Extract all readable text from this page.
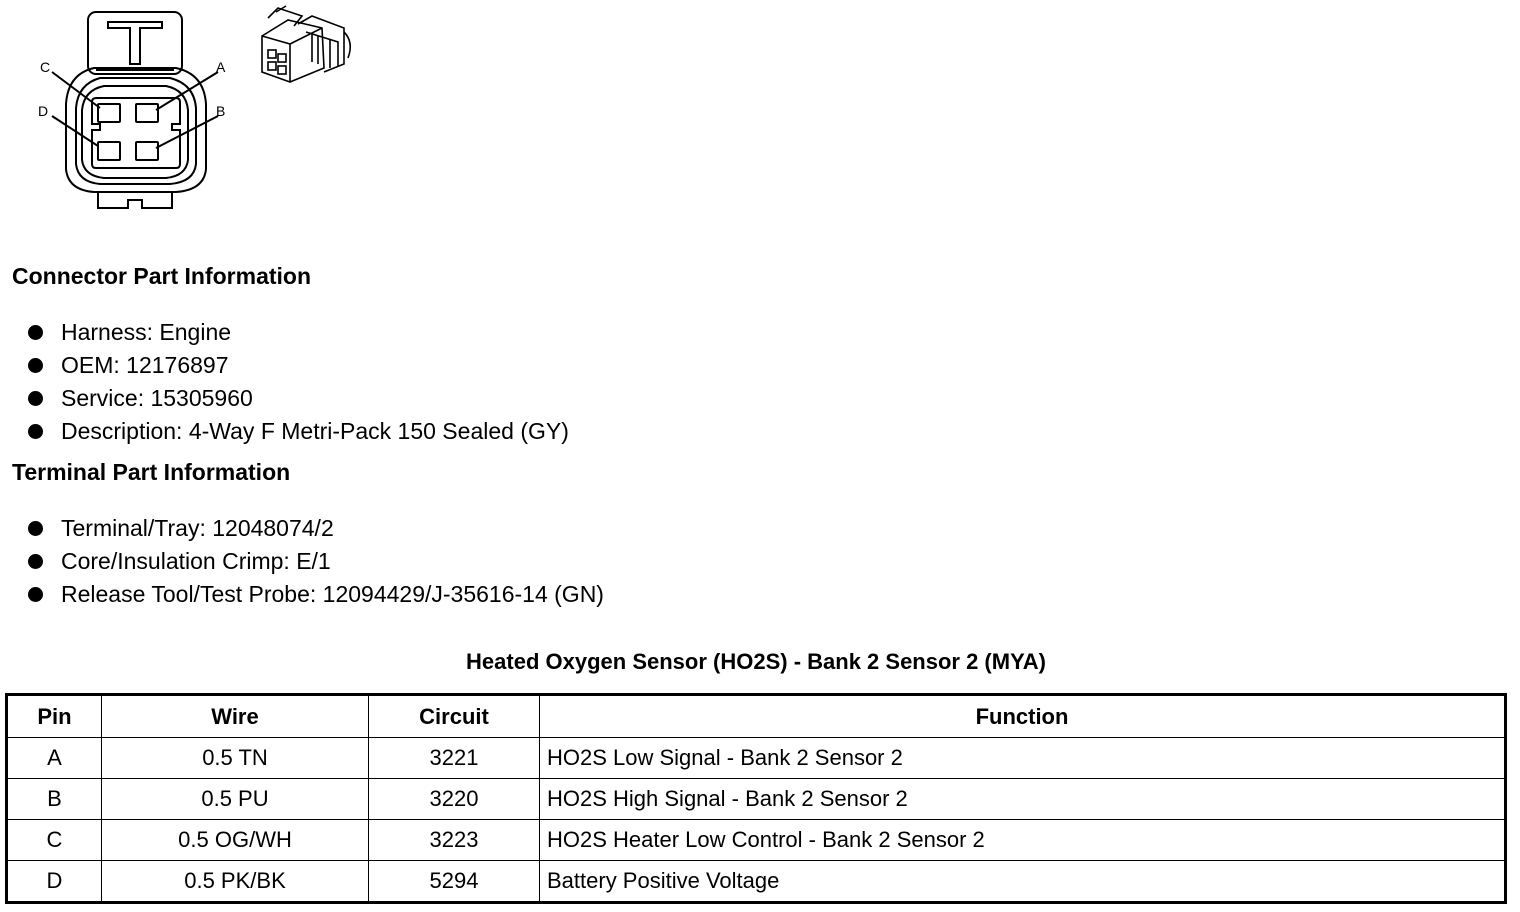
C	A
D	B
Connector Part Information
Harness: Engine
OEM: 12176897
Service: 15305960
Description: 4-Way F Metri-Pack 150 Sealed (GY)
Terminal Part Information
Terminal/Tray: 12048074/2
Core/Insulation Crimp: E/1
Release Tool/Test Probe: 12094429/J-35616-14 (GN)
Heated Oxygen Sensor (HO2S) - Bank 2 Sensor 2 (MYA)
Pin	Wire	Circuit	Function
A	0.5 TN	3221	HO2S Low Signal - Bank 2 Sensor 2
B	0.5 PU	3220	HO2S High Signal - Bank 2 Sensor 2
C	0.5 OG/WH	3223	HO2S Heater Low Control - Bank 2 Sensor 2
D	0.5 PK/BK	5294	Battery Positive Voltage
